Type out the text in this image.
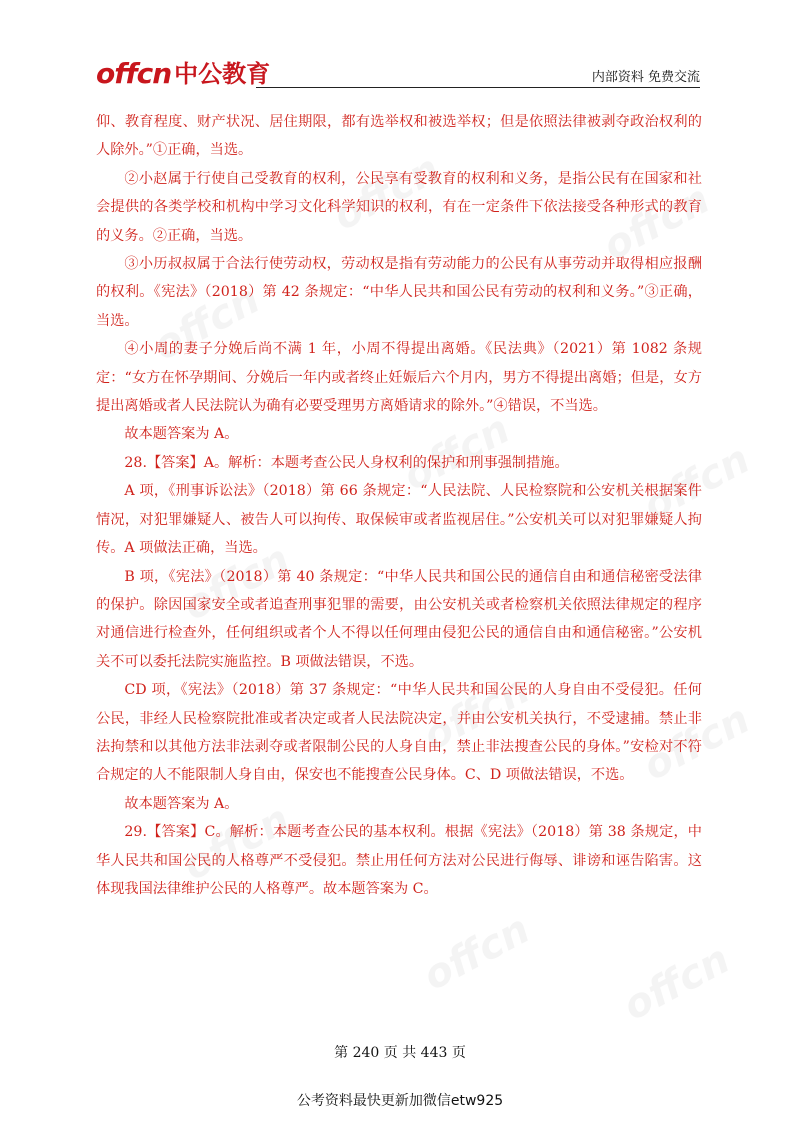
offcn 中公教育	内部资料 免费交流

仰、教育程度、财产状况、居住期限，都有选举权和被选举权；但是依照法律被剥夺政治权利的人除外。”①正确，当选。

②小赵属于行使自己受教育的权利，公民享有受教育的权利和义务，是指公民有在国家和社会提供的各类学校和机构中学习文化科学知识的权利，有在一定条件下依法接受各种形式的教育的义务。②正确，当选。

③小历叔叔属于合法行使劳动权，劳动权是指有劳动能力的公民有从事劳动并取得相应报酬的权利。《宪法》（2018）第 42 条规定：“中华人民共和国公民有劳动的权利和义务。”③正确，当选。

④小周的妻子分娩后尚不满 1 年，小周不得提出离婚。《民法典》（2021）第 1082 条规定：“女方在怀孕期间、分娩后一年内或者终止妊娠后六个月内，男方不得提出离婚；但是，女方提出离婚或者人民法院认为确有必要受理男方离婚请求的除外。”④错误，不当选。

故本题答案为 A。

28.【答案】A。解析：本题考查公民人身权利的保护和刑事强制措施。

A 项，《刑事诉讼法》（2018）第 66 条规定：“人民法院、人民检察院和公安机关根据案件情况，对犯罪嫌疑人、被告人可以拘传、取保候审或者监视居住。”公安机关可以对犯罪嫌疑人拘传。A 项做法正确，当选。

B 项，《宪法》（2018）第 40 条规定：“中华人民共和国公民的通信自由和通信秘密受法律的保护。除因国家安全或者追查刑事犯罪的需要，由公安机关或者检察机关依照法律规定的程序对通信进行检查外，任何组织或者个人不得以任何理由侵犯公民的通信自由和通信秘密。”公安机关不可以委托法院实施监控。B 项做法错误，不选。

CD 项，《宪法》（2018）第 37 条规定：“中华人民共和国公民的人身自由不受侵犯。任何公民，非经人民检察院批准或者决定或者人民法院决定，并由公安机关执行，不受逮捕。禁止非法拘禁和以其他方法非法剥夺或者限制公民的人身自由，禁止非法搜查公民的身体。”安检对不符合规定的人不能限制人身自由，保安也不能搜查公民身体。C、D 项做法错误，不选。

故本题答案为 A。

29.【答案】C。解析：本题考查公民的基本权利。根据《宪法》（2018）第 38 条规定，中华人民共和国公民的人格尊严不受侵犯。禁止用任何方法对公民进行侮辱、诽谤和诬告陷害。这体现我国法律维护公民的人格尊严。故本题答案为 C。

第 240 页 共 443 页
公考资料最快更新加微信etw925
